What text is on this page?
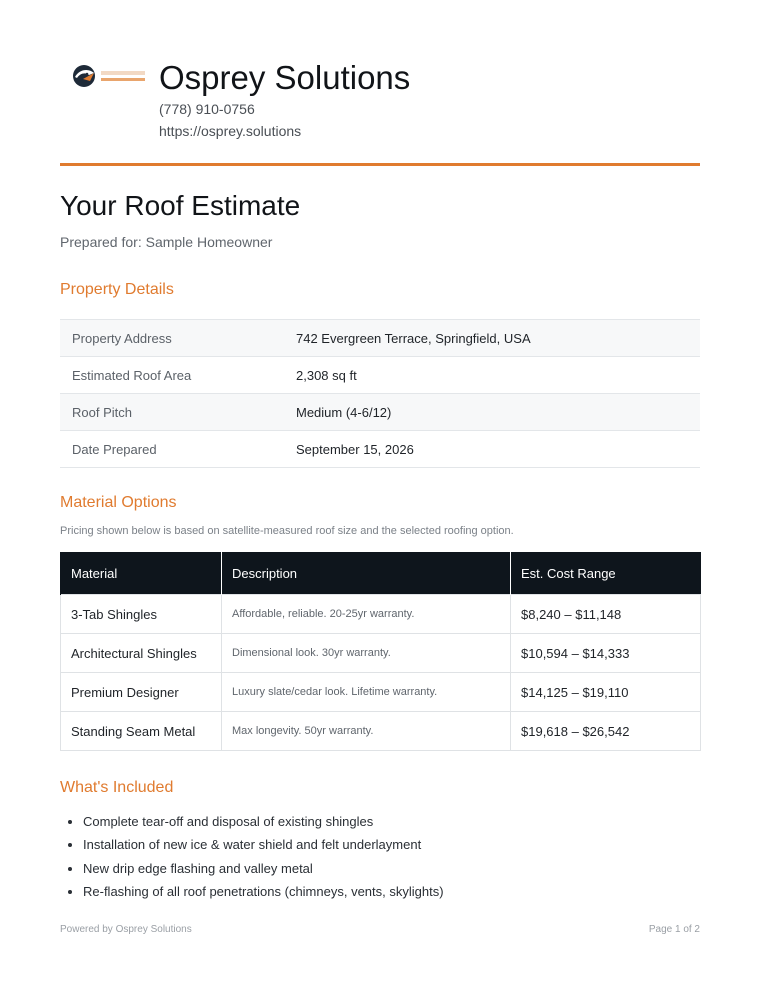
Osprey Solutions
(778) 910-0756
https://osprey.solutions
Your Roof Estimate
Prepared for: Sample Homeowner
Property Details
Property Address	742 Evergreen Terrace, Springfield, USA
Estimated Roof Area	2,308 sq ft
Roof Pitch	Medium (4-6/12)
Date Prepared	September 15, 2026
Material Options
Pricing shown below is based on satellite-measured roof size and the selected roofing option.
Material	Description	Est. Cost Range
3-Tab Shingles	Affordable, reliable. 20-25yr warranty.	$8,240 – $11,148
Architectural Shingles	Dimensional look. 30yr warranty.	$10,594 – $14,333
Premium Designer	Luxury slate/cedar look. Lifetime warranty.	$14,125 – $19,110
Standing Seam Metal	Max longevity. 50yr warranty.	$19,618 – $26,542
What's Included
• Complete tear-off and disposal of existing shingles
• Installation of new ice & water shield and felt underlayment
• New drip edge flashing and valley metal
• Re-flashing of all roof penetrations (chimneys, vents, skylights)
Powered by Osprey Solutions	Page 1 of 2
